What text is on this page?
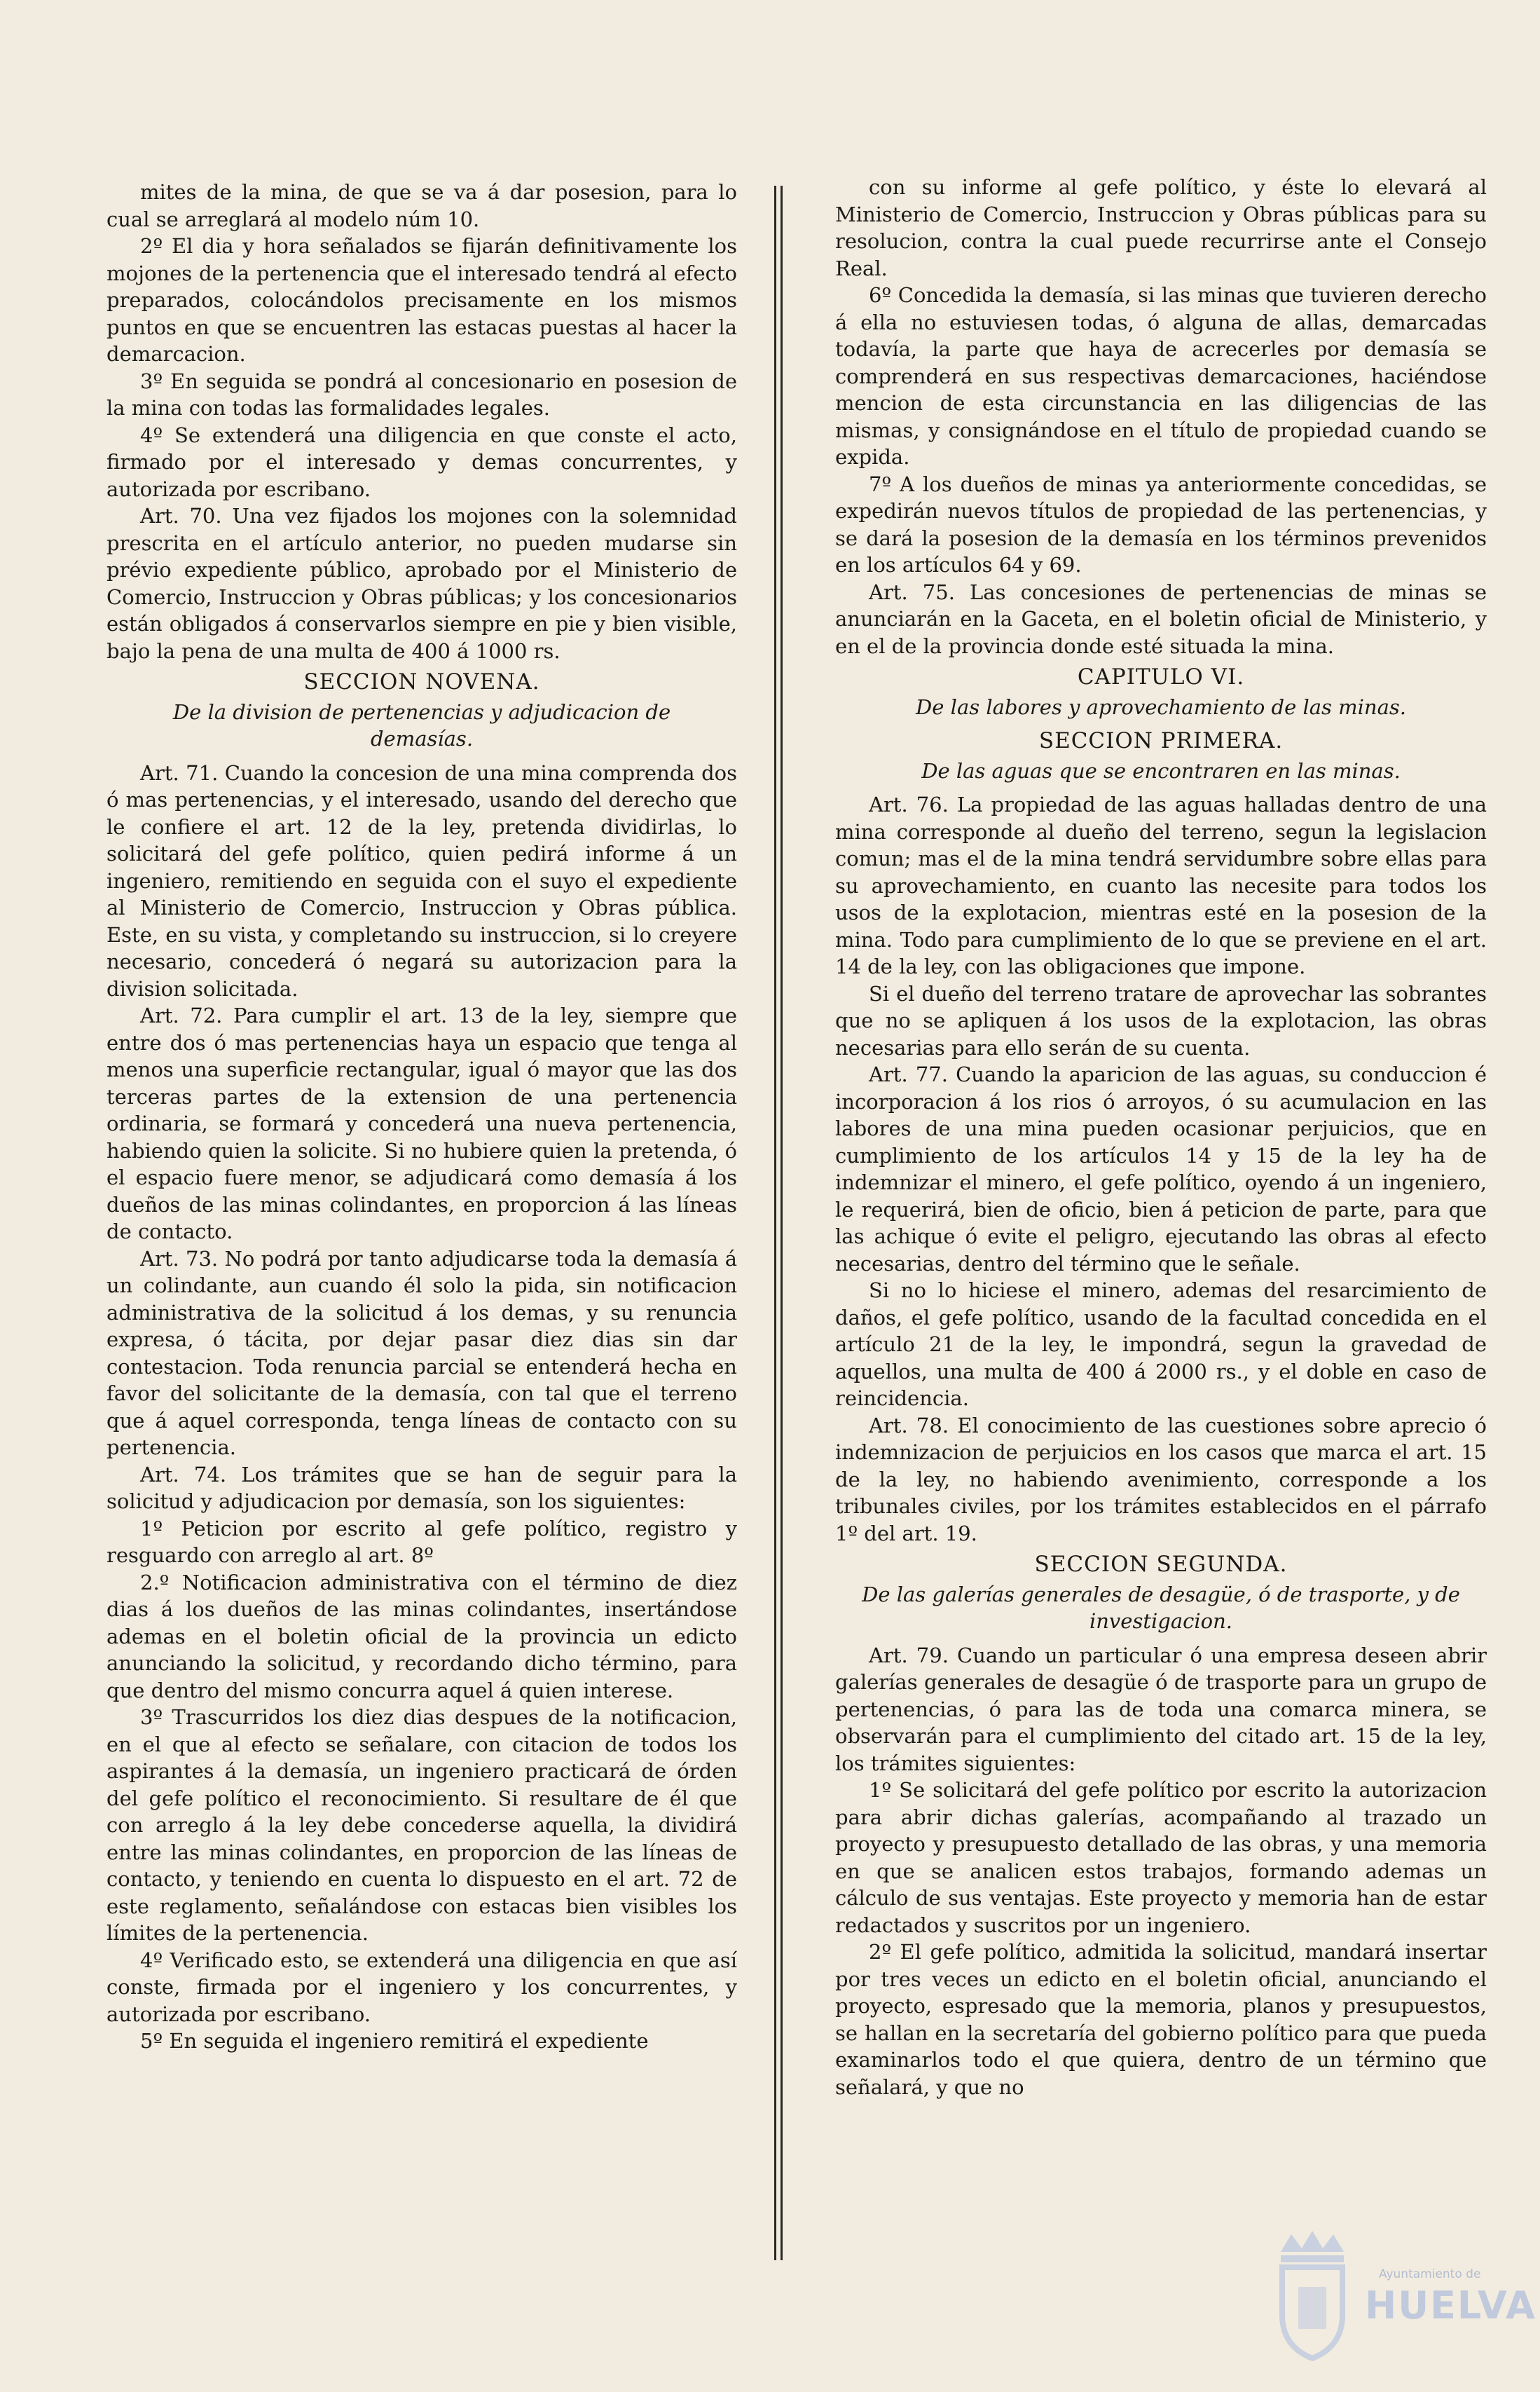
mites de la mina, de que se va á dar posesion, para lo cual se arreglará al modelo núm 10.

2º El dia y hora señalados se fijarán definitivamente los mojones de la pertenencia que el interesado tendrá al efecto preparados, colocándolos precisamente en los mismos puntos en que se encuentren las estacas puestas al hacer la demarcacion.

3º En seguida se pondrá al concesionario en posesion de la mina con todas las formalidades legales.

4º Se extenderá una diligencia en que conste el acto, firmado por el interesado y demas concurrentes, y autorizada por escribano.

Art. 70. Una vez fijados los mojones con la solemnidad prescrita en el artículo anterior, no pueden mudarse sin prévio expediente público, aprobado por el Ministerio de Comercio, Instruccion y Obras públicas; y los concesionarios están obligados á conservarlos siempre en pie y bien visible, bajo la pena de una multa de 400 á 1000 rs.

SECCION NOVENA.

De la division de pertenencias y adjudicacion de demasías.

Art. 71. Cuando la concesion de una mina comprenda dos ó mas pertenencias, y el interesado, usando del derecho que le confiere el art. 12 de la ley, pretenda dividirlas, lo solicitará del gefe político, quien pedirá informe á un ingeniero, remitiendo en seguida con el suyo el expediente al Ministerio de Comercio, Instruccion y Obras pública. Este, en su vista, y completando su instruccion, si lo creyere necesario, concederá ó negará su autorizacion para la division solicitada.

Art. 72. Para cumplir el art. 13 de la ley, siempre que entre dos ó mas pertenencias haya un espacio que tenga al menos una superficie rectangular, igual ó mayor que las dos terceras partes de la extension de una pertenencia ordinaria, se formará y concederá una nueva pertenencia, habiendo quien la solicite. Si no hubiere quien la pretenda, ó el espacio fuere menor, se adjudicará como demasía á los dueños de las minas colindantes, en proporcion á las líneas de contacto.

Art. 73. No podrá por tanto adjudicarse toda la demasía á un colindante, aun cuando él solo la pida, sin notificacion administrativa de la solicitud á los demas, y su renuncia expresa, ó tácita, por dejar pasar diez dias sin dar contestacion. Toda renuncia parcial se entenderá hecha en favor del solicitante de la demasía, con tal que el terreno que á aquel corresponda, tenga líneas de contacto con su pertenencia.

Art. 74. Los trámites que se han de seguir para la solicitud y adjudicacion por demasía, son los siguientes:

1º Peticion por escrito al gefe político, registro y resguardo con arreglo al art. 8º

2.º Notificacion administrativa con el término de diez dias á los dueños de las minas colindantes, insertándose ademas en el boletin oficial de la provincia un edicto anunciando la solicitud, y recordando dicho término, para que dentro del mismo concurra aquel á quien interese.

3º Trascurridos los diez dias despues de la notificacion, en el que al efecto se señalare, con citacion de todos los aspirantes á la demasía, un ingeniero practicará de órden del gefe político el reconocimiento. Si resultare de él que con arreglo á la ley debe concederse aquella, la dividirá entre las minas colindantes, en proporcion de las líneas de contacto, y teniendo en cuenta lo dispuesto en el art. 72 de este reglamento, señalándose con estacas bien visibles los límites de la pertenencia.

4º Verificado esto, se extenderá una diligencia en que así conste, firmada por el ingeniero y los concurrentes, y autorizada por escribano.

5º En seguida el ingeniero remitirá el expediente

con su informe al gefe político, y éste lo elevará al Ministerio de Comercio, Instruccion y Obras públicas para su resolucion, contra la cual puede recurrirse ante el Consejo Real.

6º Concedida la demasía, si las minas que tuvieren derecho á ella no estuviesen todas, ó alguna de allas, demarcadas todavía, la parte que haya de acrecerles por demasía se comprenderá en sus respectivas demarcaciones, haciéndose mencion de esta circunstancia en las diligencias de las mismas, y consignándose en el título de propiedad cuando se expida.

7º A los dueños de minas ya anteriormente concedidas, se expedirán nuevos títulos de propiedad de las pertenencias, y se dará la posesion de la demasía en los términos prevenidos en los artículos 64 y 69.

Art. 75. Las concesiones de pertenencias de minas se anunciarán en la Gaceta, en el boletin oficial de Ministerio, y en el de la provincia donde esté situada la mina.

CAPITULO VI.

De las labores y aprovechamiento de las minas.

SECCION PRIMERA.

De las aguas que se encontraren en las minas.

Art. 76. La propiedad de las aguas halladas dentro de una mina corresponde al dueño del terreno, segun la legislacion comun; mas el de la mina tendrá servidumbre sobre ellas para su aprovechamiento, en cuanto las necesite para todos los usos de la explotacion, mientras esté en la posesion de la mina. Todo para cumplimiento de lo que se previene en el art. 14 de la ley, con las obligaciones que impone.

Si el dueño del terreno tratare de aprovechar las sobrantes que no se apliquen á los usos de la explotacion, las obras necesarias para ello serán de su cuenta.

Art. 77. Cuando la aparicion de las aguas, su conduccion é incorporacion á los rios ó arroyos, ó su acumulacion en las labores de una mina pueden ocasionar perjuicios, que en cumplimiento de los artículos 14 y 15 de la ley ha de indemnizar el minero, el gefe político, oyendo á un ingeniero, le requerirá, bien de oficio, bien á peticion de parte, para que las achique ó evite el peligro, ejecutando las obras al efecto necesarias, dentro del término que le señale.

Si no lo hiciese el minero, ademas del resarcimiento de daños, el gefe político, usando de la facultad concedida en el artículo 21 de la ley, le impondrá, segun la gravedad de aquellos, una multa de 400 á 2000 rs., y el doble en caso de reincidencia.

Art. 78. El conocimiento de las cuestiones sobre aprecio ó indemnizacion de perjuicios en los casos que marca el art. 15 de la ley, no habiendo avenimiento, corresponde a los tribunales civiles, por los trámites establecidos en el párrafo 1º del art. 19.

SECCION SEGUNDA.

De las galerías generales de desagüe, ó de trasporte, y de investigacion.

Art. 79. Cuando un particular ó una empresa deseen abrir galerías generales de desagüe ó de trasporte para un grupo de pertenencias, ó para las de toda una comarca minera, se observarán para el cumplimiento del citado art. 15 de la ley, los trámites siguientes:

1º Se solicitará del gefe político por escrito la autorizacion para abrir dichas galerías, acompañando al trazado un proyecto y presupuesto detallado de las obras, y una memoria en que se analicen estos trabajos, formando ademas un cálculo de sus ventajas. Este proyecto y memoria han de estar redactados y suscritos por un ingeniero.

2º El gefe político, admitida la solicitud, mandará insertar por tres veces un edicto en el boletin oficial, anunciando el proyecto, espresado que la memoria, planos y presupuestos, se hallan en la secretaría del gobierno político para que pueda examinarlos todo el que quiera, dentro de un término que señalará, y que no

Ayuntamiento de
HUELVA
